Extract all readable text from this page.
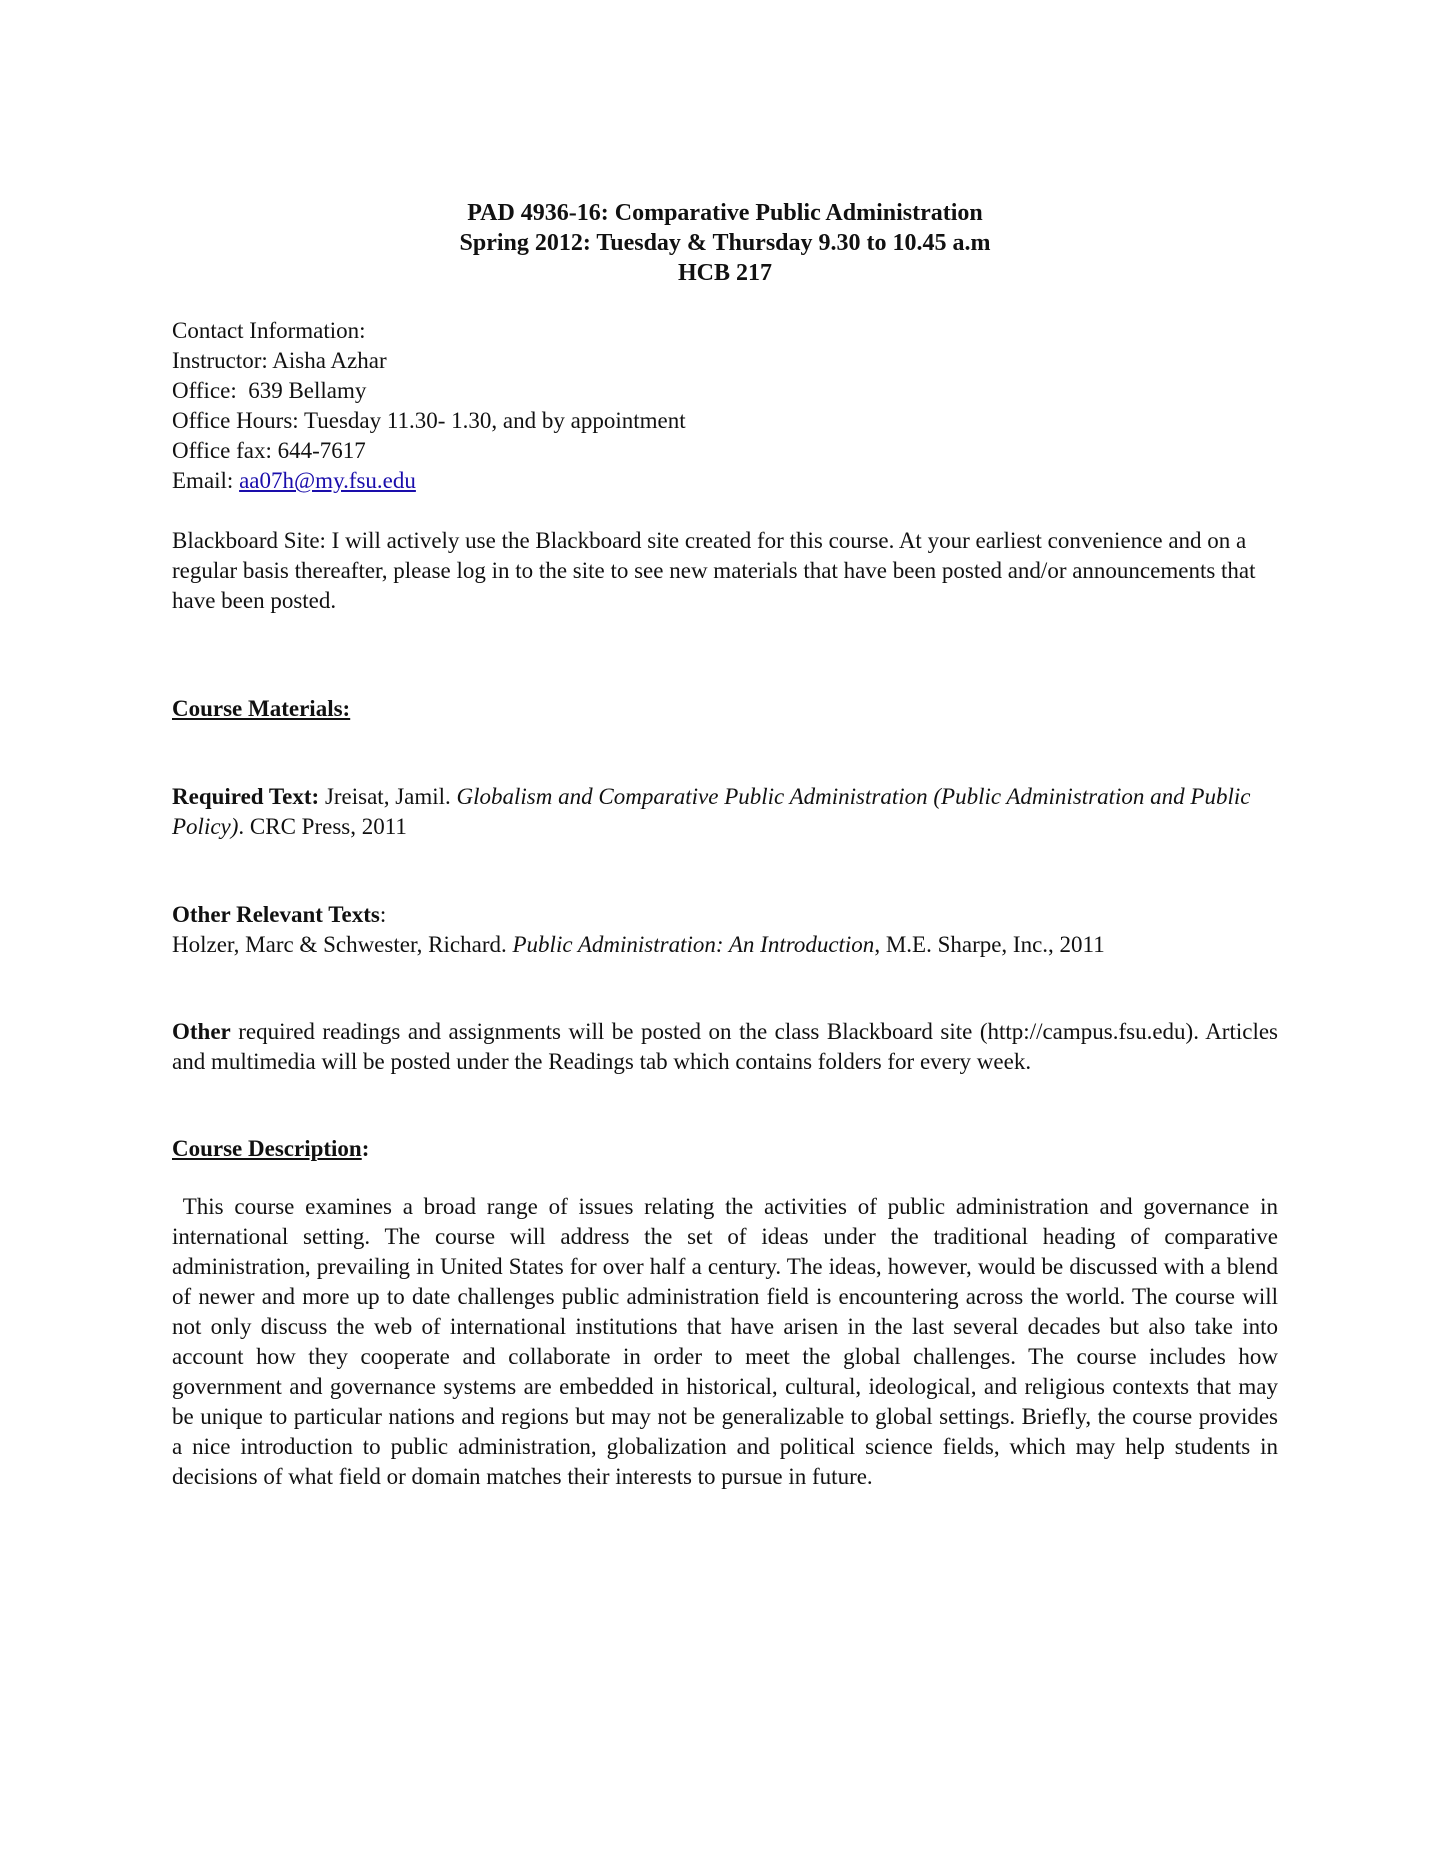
PAD 4936-16: Comparative Public Administration
Spring 2012: Tuesday & Thursday 9.30 to 10.45 a.m
HCB 217
Contact Information:
Instructor: Aisha Azhar
Office:  639 Bellamy
Office Hours: Tuesday 11.30- 1.30, and by appointment
Office fax: 644-7617
Email: aa07h@my.fsu.edu

Blackboard Site: I will actively use the Blackboard site created for this course. At your earliest convenience and on a regular basis thereafter, please log in to the site to see new materials that have been posted and/or announcements that have been posted.

Course Materials:

Required Text: Jreisat, Jamil. Globalism and Comparative Public Administration (Public Administration and Public Policy). CRC Press, 2011

Other Relevant Texts:
Holzer, Marc & Schwester, Richard. Public Administration: An Introduction, M.E. Sharpe, Inc., 2011

Other required readings and assignments will be posted on the class Blackboard site (http://campus.fsu.edu). Articles and multimedia will be posted under the Readings tab which contains folders for every week.

Course Description:

This course examines a broad range of issues relating the activities of public administration and governance in international setting. The course will address the set of ideas under the traditional heading of comparative administration, prevailing in United States for over half a century. The ideas, however, would be discussed with a blend of newer and more up to date challenges public administration field is encountering across the world. The course will not only discuss the web of international institutions that have arisen in the last several decades but also take into account how they cooperate and collaborate in order to meet the global challenges. The course includes how government and governance systems are embedded in historical, cultural, ideological, and religious contexts that may be unique to particular nations and regions but may not be generalizable to global settings. Briefly, the course provides a nice introduction to public administration, globalization and political science fields, which may help students in decisions of what field or domain matches their interests to pursue in future.
